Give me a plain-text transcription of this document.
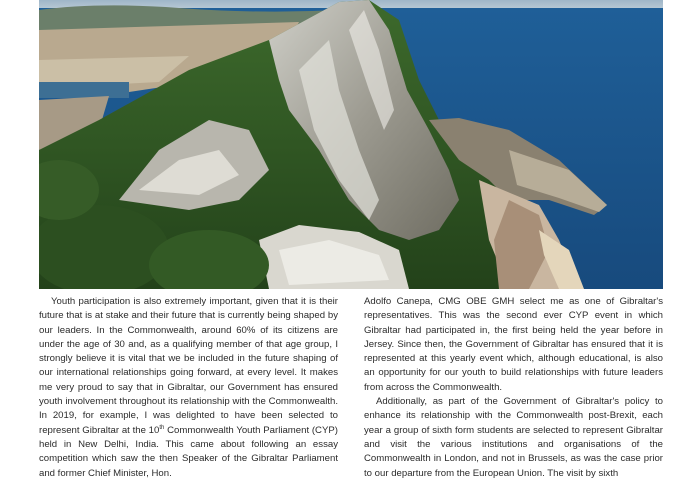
Youth participation is also extremely important, given that it is their future that is at stake and their future that is currently being shaped by our leaders. In the Commonwealth, around 60% of its citizens are under the age of 30 and, as a qualifying member of that age group, I strongly believe it is vital that we be included in the future shaping of our international relationships going forward, at every level. It makes me very proud to say that in Gibraltar, our Government has ensured youth involvement throughout its relationship with the Commonwealth. In 2019, for example, I was delighted to have been selected to represent Gibraltar at the 10th Commonwealth Youth Parliament (CYP) held in New Delhi, India. This came about following an essay competition which saw the then Speaker of the Gibraltar Parliament and former Chief Minister, Hon.

Adolfo Canepa, CMG OBE GMH select me as one of Gibraltar's representatives. This was the second ever CYP event in which Gibraltar had participated in, the first being held the year before in Jersey. Since then, the Government of Gibraltar has ensured that it is represented at this yearly event which, although educational, is also an opportunity for our youth to build relationships with future leaders from across the Commonwealth.

Additionally, as part of the Government of Gibraltar's policy to enhance its relationship with the Commonwealth post-Brexit, each year a group of sixth form students are selected to represent Gibraltar and visit the various institutions and organisations of the Commonwealth in London, and not in Brussels, as was the case prior to our departure from the European Union. The visit by sixth
